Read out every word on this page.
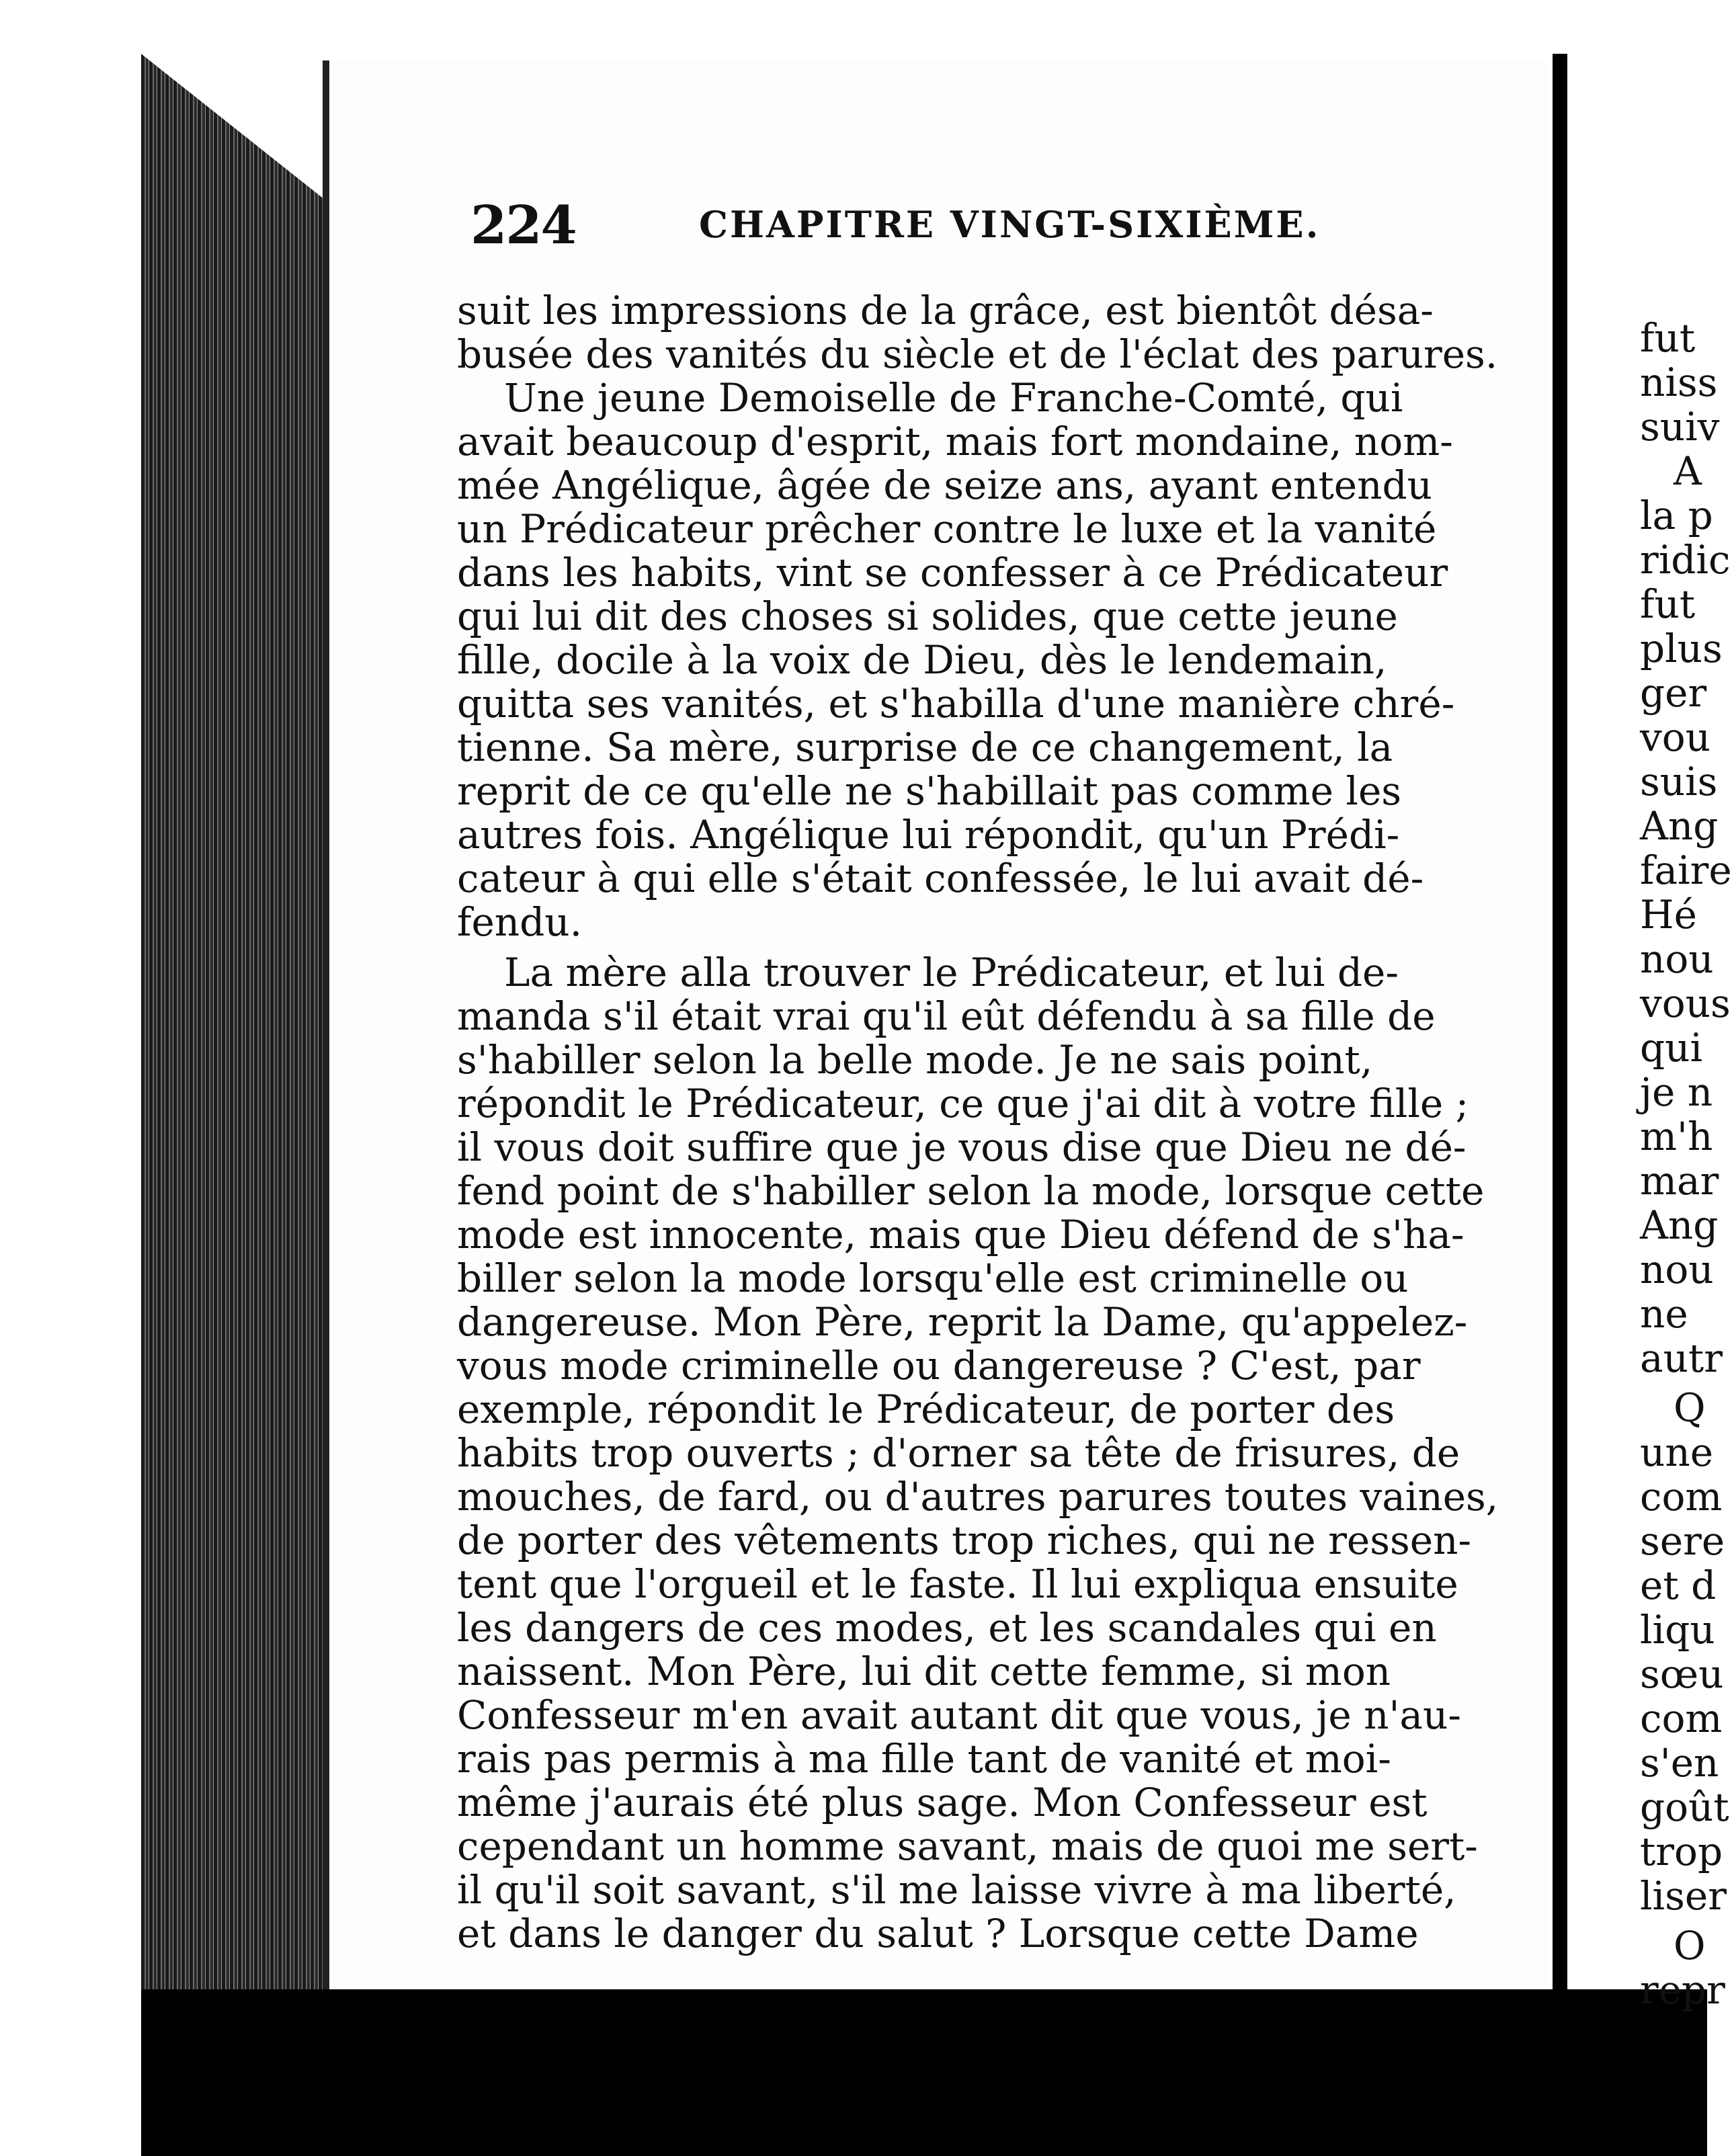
224	CHAPITRE VINGT-SIXIÈME.
suit les impressions de la grâce, est bientôt désa-
busée des vanités du siècle et de l'éclat des parures.
Une jeune Demoiselle de Franche-Comté, qui
avait beaucoup d'esprit, mais fort mondaine, nom-
mée Angélique, âgée de seize ans, ayant entendu
un Prédicateur prêcher contre le luxe et la vanité
dans les habits, vint se confesser à ce Prédicateur
qui lui dit des choses si solides, que cette jeune
fille, docile à la voix de Dieu, dès le lendemain,
quitta ses vanités, et s'habilla d'une manière chré-
tienne. Sa mère, surprise de ce changement, la
reprit de ce qu'elle ne s'habillait pas comme les
autres fois. Angélique lui répondit, qu'un Prédi-
cateur à qui elle s'était confessée, le lui avait dé-
fendu.
La mère alla trouver le Prédicateur, et lui de-
manda s'il était vrai qu'il eût défendu à sa fille de
s'habiller selon la belle mode. Je ne sais point,
répondit le Prédicateur, ce que j'ai dit à votre fille ;
il vous doit suffire que je vous dise que Dieu ne dé-
fend point de s'habiller selon la mode, lorsque cette
mode est innocente, mais que Dieu défend de s'ha-
biller selon la mode lorsqu'elle est criminelle ou
dangereuse. Mon Père, reprit la Dame, qu'appelez-
vous mode criminelle ou dangereuse ? C'est, par
exemple, répondit le Prédicateur, de porter des
habits trop ouverts ; d'orner sa tête de frisures, de
mouches, de fard, ou d'autres parures toutes vaines,
de porter des vêtements trop riches, qui ne ressen-
tent que l'orgueil et le faste. Il lui expliqua ensuite
les dangers de ces modes, et les scandales qui en
naissent. Mon Père, lui dit cette femme, si mon
Confesseur m'en avait autant dit que vous, je n'au-
rais pas permis à ma fille tant de vanité et moi-
même j'aurais été plus sage. Mon Confesseur est
cependant un homme savant, mais de quoi me sert-
il qu'il soit savant, s'il me laisse vivre à ma liberté,
et dans le danger du salut ? Lorsque cette Dame
fut
niss
suiv
A
la p
ridic
fut
plus
ger
vou
suis
Ang
faire
Hé
nou
vous
qui
je n
m'h
mar
Ang
nou
ne
autr
Q
une
com
sere
et d
liqu
sœu
com
s'en
goût
trop
liser
O
repr
